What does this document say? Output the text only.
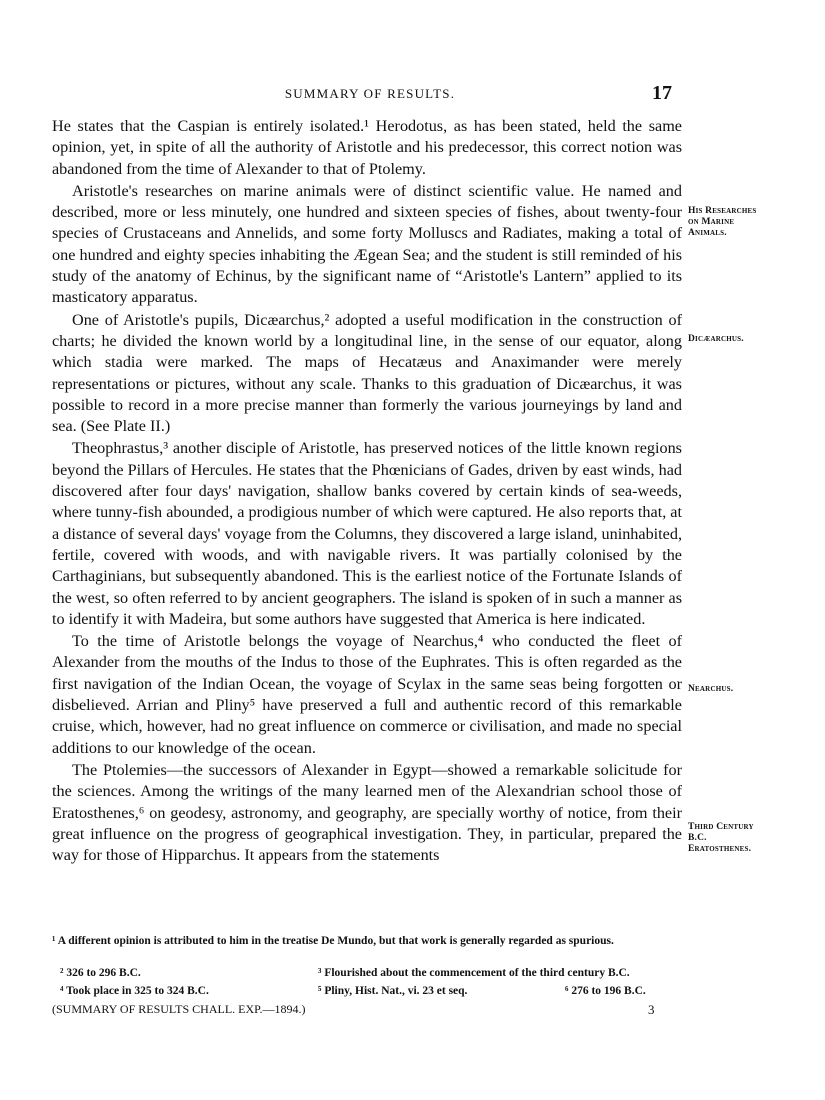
SUMMARY OF RESULTS.	17

He states that the Caspian is entirely isolated.¹ Herodotus, as has been stated, held the same opinion, yet, in spite of all the authority of Aristotle and his predecessor, this correct notion was abandoned from the time of Alexander to that of Ptolemy.

Aristotle's researches on marine animals were of distinct scientific value. He named and described, more or less minutely, one hundred and sixteen species of fishes, about twenty-four species of Crustaceans and Annelids, and some forty Molluscs and Radiates, making a total of one hundred and eighty species inhabiting the Ægean Sea; and the student is still reminded of his study of the anatomy of Echinus, by the significant name of “Aristotle's Lantern” applied to its masticatory apparatus.

One of Aristotle's pupils, Dicæarchus,² adopted a useful modification in the construction of charts; he divided the known world by a longitudinal line, in the sense of our equator, along which stadia were marked. The maps of Hecatæus and Anaximander were merely representations or pictures, without any scale. Thanks to this graduation of Dicæarchus, it was possible to record in a more precise manner than formerly the various journeyings by land and sea. (See Plate II.)

Theophrastus,³ another disciple of Aristotle, has preserved notices of the little known regions beyond the Pillars of Hercules. He states that the Phœnicians of Gades, driven by east winds, had discovered after four days' navigation, shallow banks covered by certain kinds of sea-weeds, where tunny-fish abounded, a prodigious number of which were captured. He also reports that, at a distance of several days' voyage from the Columns, they discovered a large island, uninhabited, fertile, covered with woods, and with navigable rivers. It was partially colonised by the Carthaginians, but subsequently abandoned. This is the earliest notice of the Fortunate Islands of the west, so often referred to by ancient geographers. The island is spoken of in such a manner as to identify it with Madeira, but some authors have suggested that America is here indicated.

To the time of Aristotle belongs the voyage of Nearchus,⁴ who conducted the fleet of Alexander from the mouths of the Indus to those of the Euphrates. This is often regarded as the first navigation of the Indian Ocean, the voyage of Scylax in the same seas being forgotten or disbelieved. Arrian and Pliny⁵ have preserved a full and authentic record of this remarkable cruise, which, however, had no great influence on commerce or civilisation, and made no special additions to our knowledge of the ocean.

The Ptolemies—the successors of Alexander in Egypt—showed a remarkable solicitude for the sciences. Among the writings of the many learned men of the Alexandrian school those of Eratosthenes,⁶ on geodesy, astronomy, and geography, are specially worthy of notice, from their great influence on the progress of geographical investigation. They, in particular, prepared the way for those of Hipparchus. It appears from the statements

His Researches
on Marine
Animals.
Dicæarchus.
Nearchus.
Third Century
B.C.
Eratosthenes.
¹ A different opinion is attributed to him in the treatise De Mundo, but that work is generally regarded as spurious.
² 326 to 296 B.C.	³ Flourished about the commencement of the third century B.C.
⁴ Took place in 325 to 324 B.C.	⁵ Pliny, Hist. Nat., vi. 23 et seq.	⁶ 276 to 196 B.C.
(SUMMARY OF RESULTS CHALL. EXP.—1894.)	3
